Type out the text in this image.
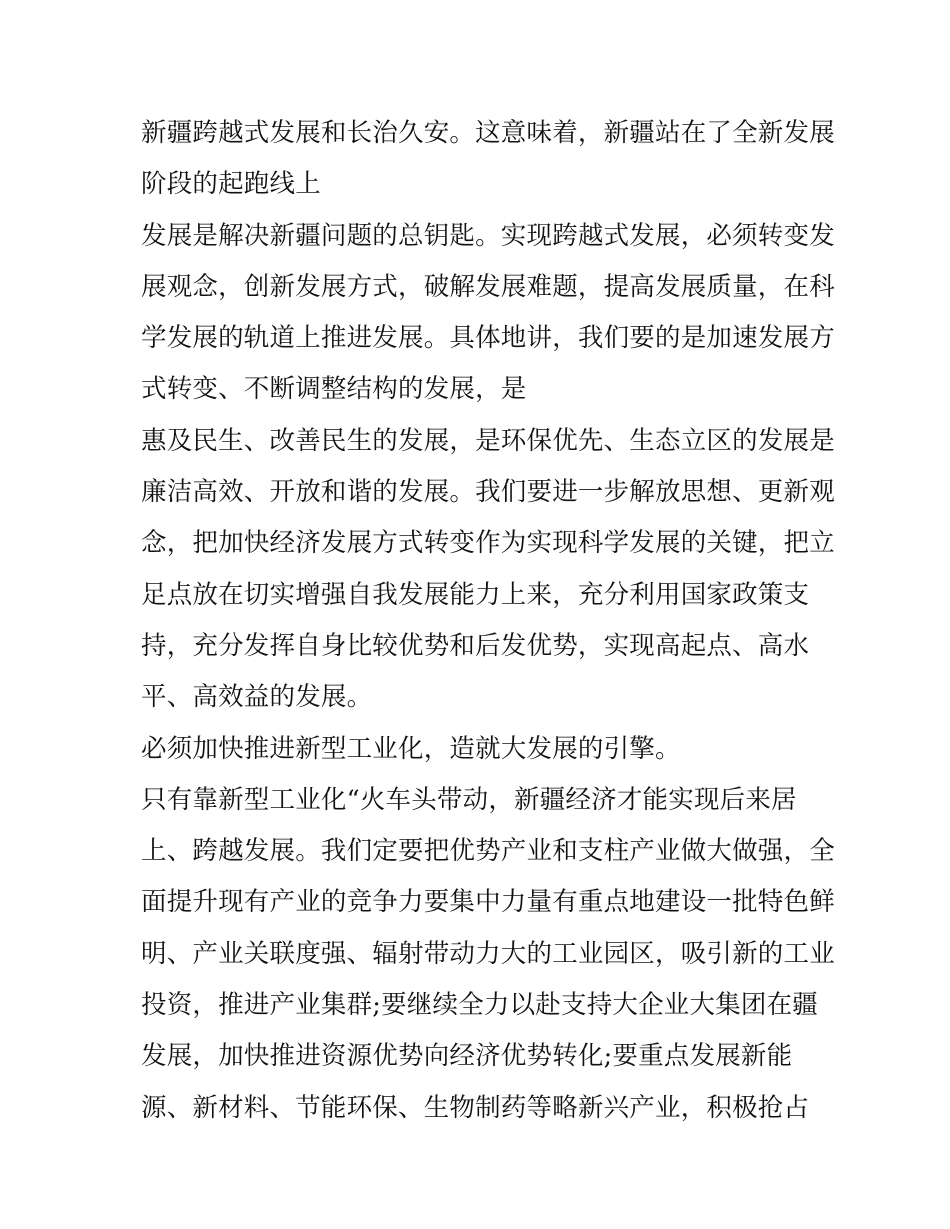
新疆跨越式发展和长治久安。这意味着，新疆站在了全新发展
阶段的起跑线上
发展是解决新疆问题的总钥匙。实现跨越式发展，必须转变发
展观念，创新发展方式，破解发展难题，提高发展质量，在科
学发展的轨道上推进发展。具体地讲，我们要的是加速发展方
式转变、不断调整结构的发展，是
惠及民生、改善民生的发展，是环保优先、生态立区的发展是
廉洁高效、开放和谐的发展。我们要进一步解放思想、更新观
念，把加快经济发展方式转变作为实现科学发展的关键，把立
足点放在切实增强自我发展能力上来，充分利用国家政策支
持，充分发挥自身比较优势和后发优势，实现高起点、高水
平、高效益的发展。
必须加快推进新型工业化，造就大发展的引擎。
只有靠新型工业化“火车头带动，新疆经济才能实现后来居
上、跨越发展。我们定要把优势产业和支柱产业做大做强，全
面提升现有产业的竞争力要集中力量有重点地建设一批特色鲜
明、产业关联度强、辐射带动力大的工业园区，吸引新的工业
投资，推进产业集群;要继续全力以赴支持大企业大集团在疆
发展，加快推进资源优势向经济优势转化;要重点发展新能
源、新材料、节能环保、生物制药等略新兴产业，积极抢占
